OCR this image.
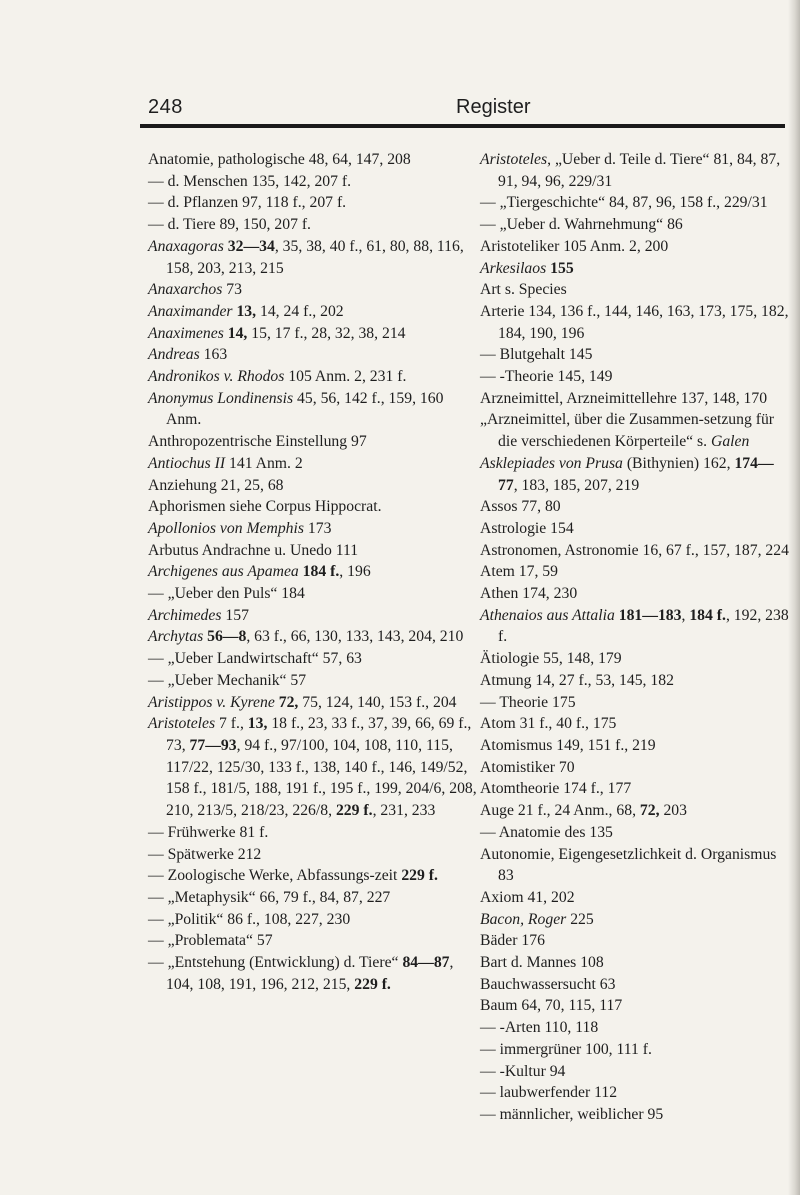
248	Register

Anatomie, pathologische 48, 64, 147, 208

— d. Menschen 135, 142, 207 f.

— d. Pflanzen 97, 118 f., 207 f.

— d. Tiere 89, 150, 207 f.

Anaxagoras 32—34, 35, 38, 40 f., 61, 80, 88, 116, 158, 203, 213, 215

Anaxarchos 73

Anaximander 13, 14, 24 f., 202

Anaximenes 14, 15, 17 f., 28, 32, 38, 214

Andreas 163

Andronikos v. Rhodos 105 Anm. 2, 231 f.

Anonymus Londinensis 45, 56, 142 f., 159, 160 Anm.

Anthropozentrische Einstellung 97

Antiochus II 141 Anm. 2

Anziehung 21, 25, 68

Aphorismen siehe Corpus Hippocrat.

Apollonios von Memphis 173

Arbutus Andrachne u. Unedo 111

Archigenes aus Apamea 184 f., 196

— „Ueber den Puls“ 184

Archimedes 157

Archytas 56—8, 63 f., 66, 130, 133, 143, 204, 210

— „Ueber Landwirtschaft“ 57, 63

— „Ueber Mechanik“ 57

Aristippos v. Kyrene 72, 75, 124, 140, 153 f., 204

Aristoteles 7 f., 13, 18 f., 23, 33 f., 37, 39, 66, 69 f., 73, 77—93, 94 f., 97/100, 104, 108, 110, 115, 117/22, 125/30, 133 f., 138, 140 f., 146, 149/52, 158 f., 181/5, 188, 191 f., 195 f., 199, 204/6, 208, 210, 213/5, 218/23, 226/8, 229 f., 231, 233

— Frühwerke 81 f.

— Spätwerke 212

— Zoologische Werke, Abfassungs-zeit 229 f.

— „Metaphysik“ 66, 79 f., 84, 87, 227

— „Politik“ 86 f., 108, 227, 230

— „Problemata“ 57

— „Entstehung (Entwicklung) d. Tiere“ 84—87, 104, 108, 191, 196, 212, 215, 229 f.

Aristoteles, „Ueber d. Teile d. Tiere“ 81, 84, 87, 91, 94, 96, 229/31

— „Tiergeschichte“ 84, 87, 96, 158 f., 229/31

— „Ueber d. Wahrnehmung“ 86

Aristoteliker 105 Anm. 2, 200

Arkesilaos 155

Art s. Species

Arterie 134, 136 f., 144, 146, 163, 173, 175, 182, 184, 190, 196

— Blutgehalt 145

— -Theorie 145, 149

Arzneimittel, Arzneimittellehre 137, 148, 170

„Arzneimittel, über die Zusammen-setzung für die verschiedenen Körperteile“ s. Galen

Asklepiades von Prusa (Bithynien) 162, 174—77, 183, 185, 207, 219

Assos 77, 80

Astrologie 154

Astronomen, Astronomie 16, 67 f., 157, 187, 224

Atem 17, 59

Athen 174, 230

Athenaios aus Attalia 181—183, 184 f., 192, 238 f.

Ätiologie 55, 148, 179

Atmung 14, 27 f., 53, 145, 182

— Theorie 175

Atom 31 f., 40 f., 175

Atomismus 149, 151 f., 219

Atomistiker 70

Atomtheorie 174 f., 177

Auge 21 f., 24 Anm., 68, 72, 203

— Anatomie des 135

Autonomie, Eigengesetzlichkeit d. Organismus 83

Axiom 41, 202

Bacon, Roger 225

Bäder 176

Bart d. Mannes 108

Bauchwassersucht 63

Baum 64, 70, 115, 117

— -Arten 110, 118

— immergrüner 100, 111 f.

— -Kultur 94

— laubwerfender 112

— männlicher, weiblicher 95
